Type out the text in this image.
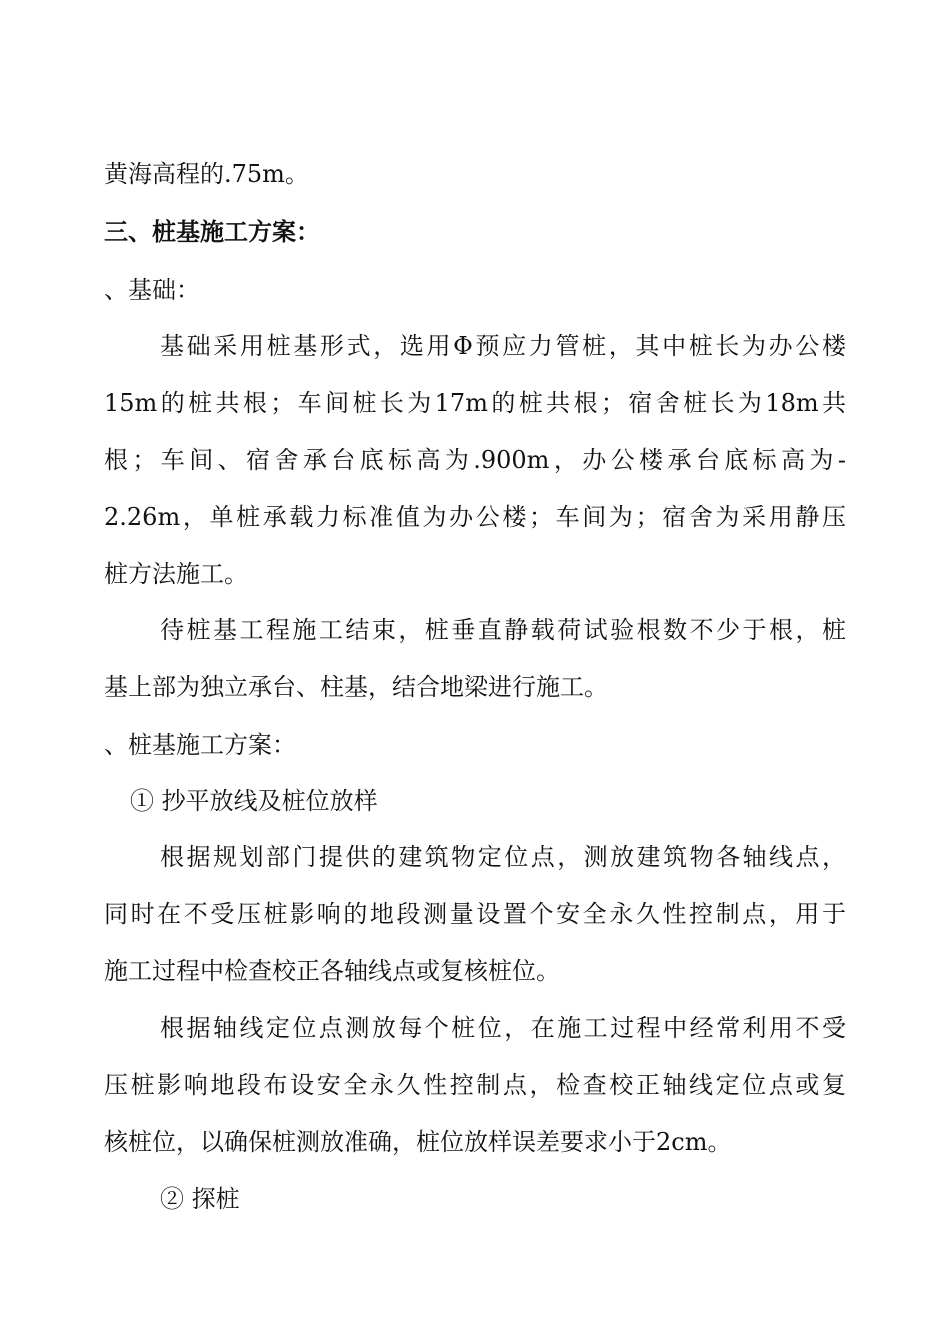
黄海高程的.75m。
三、桩基施工方案：
、基础：
基础采用桩基形式，选用Φ预应力管桩，其中桩长为办公楼
15m的桩共根；车间桩长为17m的桩共根；宿舍桩长为18m共
根；车间、宿舍承台底标高为.900m，办公楼承台底标高为-
2.26m，单桩承载力标准值为办公楼；车间为；宿舍为采用静压
桩方法施工。
待桩基工程施工结束，桩垂直静载荷试验根数不少于根，桩
基上部为独立承台、柱基，结合地梁进行施工。
、桩基施工方案：
① 抄平放线及桩位放样
根据规划部门提供的建筑物定位点，测放建筑物各轴线点，
同时在不受压桩影响的地段测量设置个安全永久性控制点，用于
施工过程中检查校正各轴线点或复核桩位。
根据轴线定位点测放每个桩位，在施工过程中经常利用不受
压桩影响地段布设安全永久性控制点，检查校正轴线定位点或复
核桩位，以确保桩测放准确，桩位放样误差要求小于2cm。
② 探桩
